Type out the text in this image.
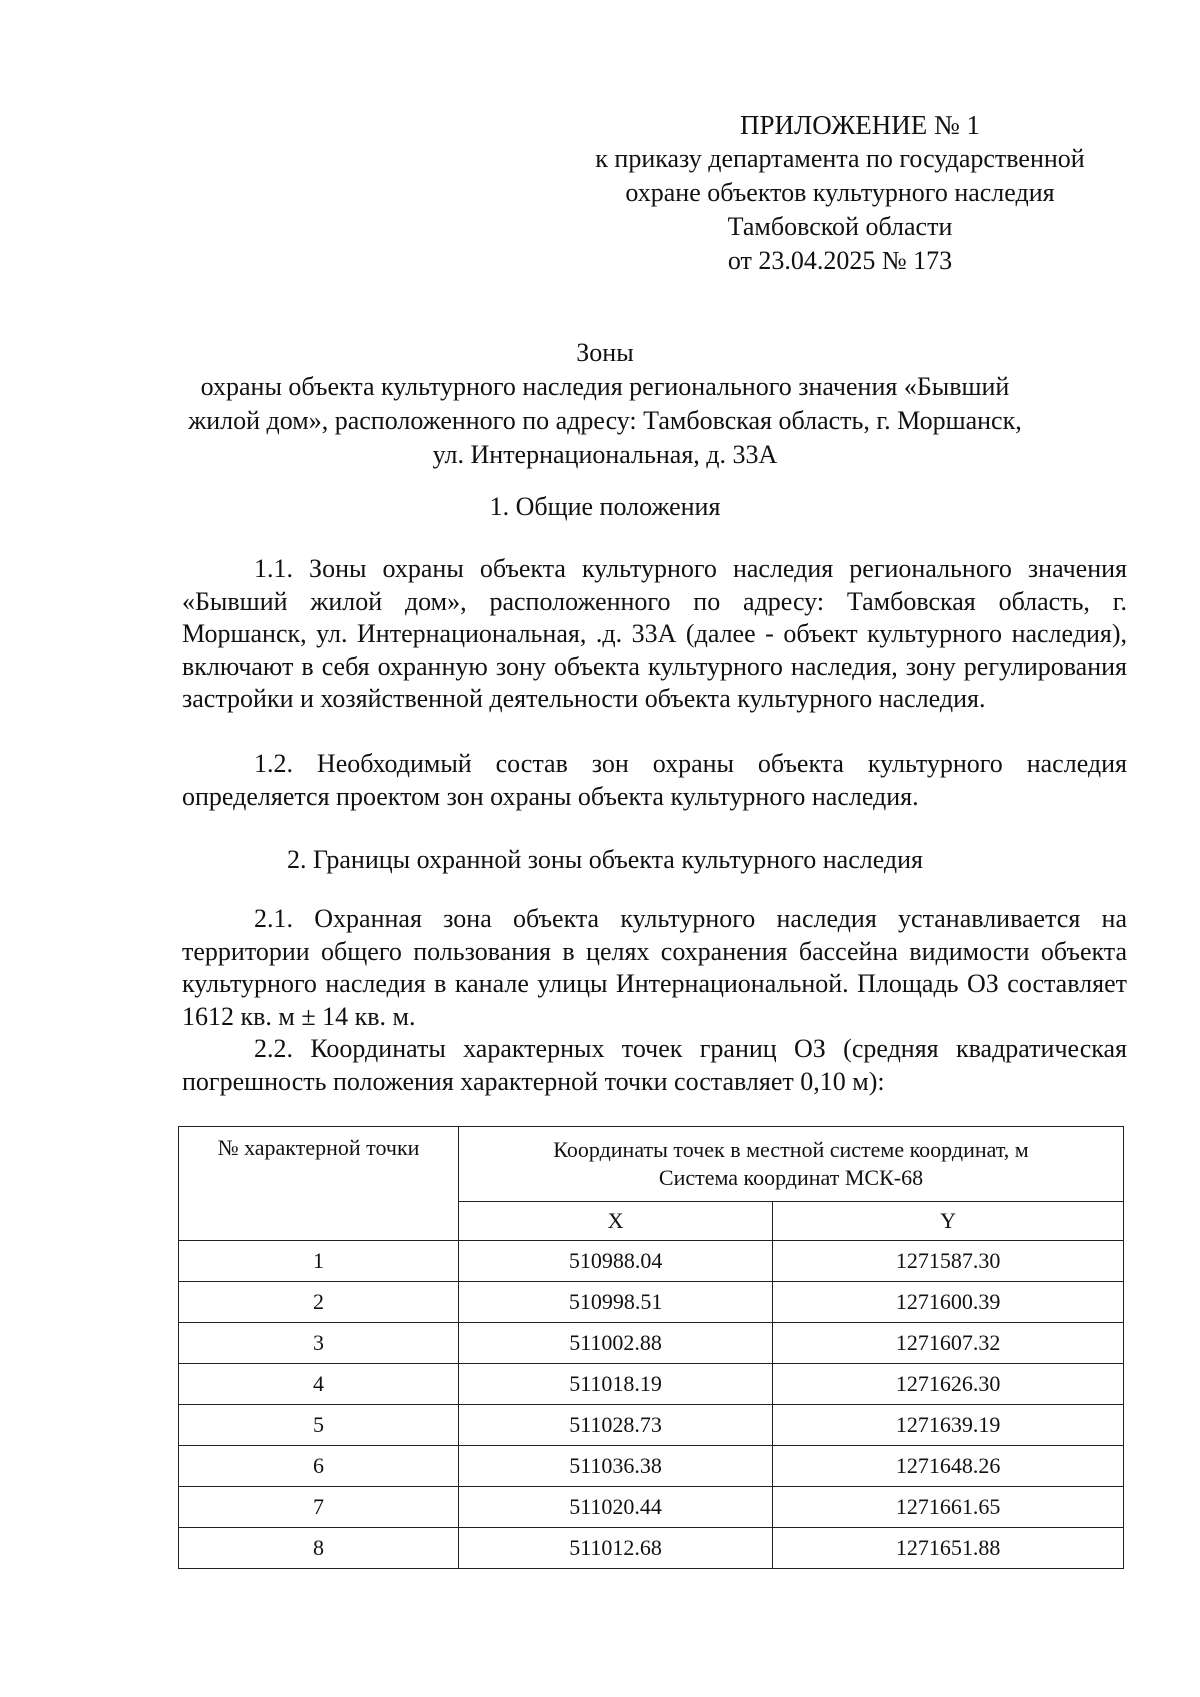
ПРИЛОЖЕНИЕ № 1
к приказу департамента по государственной
охране объектов культурного наследия
Тамбовской области
от 23.04.2025 № 173
Зоны
охраны объекта культурного наследия регионального значения «Бывший
жилой дом», расположенного по адресу: Тамбовская область, г. Моршанск,
ул. Интернациональная, д. 33А
1. Общие положения
1.1. Зоны охраны объекта культурного наследия регионального значения «Бывший жилой дом», расположенного по адресу: Тамбовская область, г. Моршанск, ул. Интернациональная, .д. 33А (далее - объект культурного наследия), включают в себя охранную зону объекта культурного наследия, зону регулирования застройки и хозяйственной деятельности объекта культурного наследия.
1.2. Необходимый состав зон охраны объекта культурного наследия определяется проектом зон охраны объекта культурного наследия.
2. Границы охранной зоны объекта культурного наследия
2.1. Охранная зона объекта культурного наследия устанавливается на территории общего пользования в целях сохранения бассейна видимости объекта культурного наследия в канале улицы Интернациональной. Площадь ОЗ составляет 1612 кв. м ± 14 кв. м.
2.2. Координаты характерных точек границ ОЗ (средняя квадратическая погрешность положения характерной точки составляет 0,10 м):
№ характерной точки	Координаты точек в местной системе координат, м
Система координат МСК-68	

	X	Y
1	510988.04	1271587.30
2	510998.51	1271600.39
3	511002.88	1271607.32
4	511018.19	1271626.30
5	511028.73	1271639.19
6	511036.38	1271648.26
7	511020.44	1271661.65
8	511012.68	1271651.88
